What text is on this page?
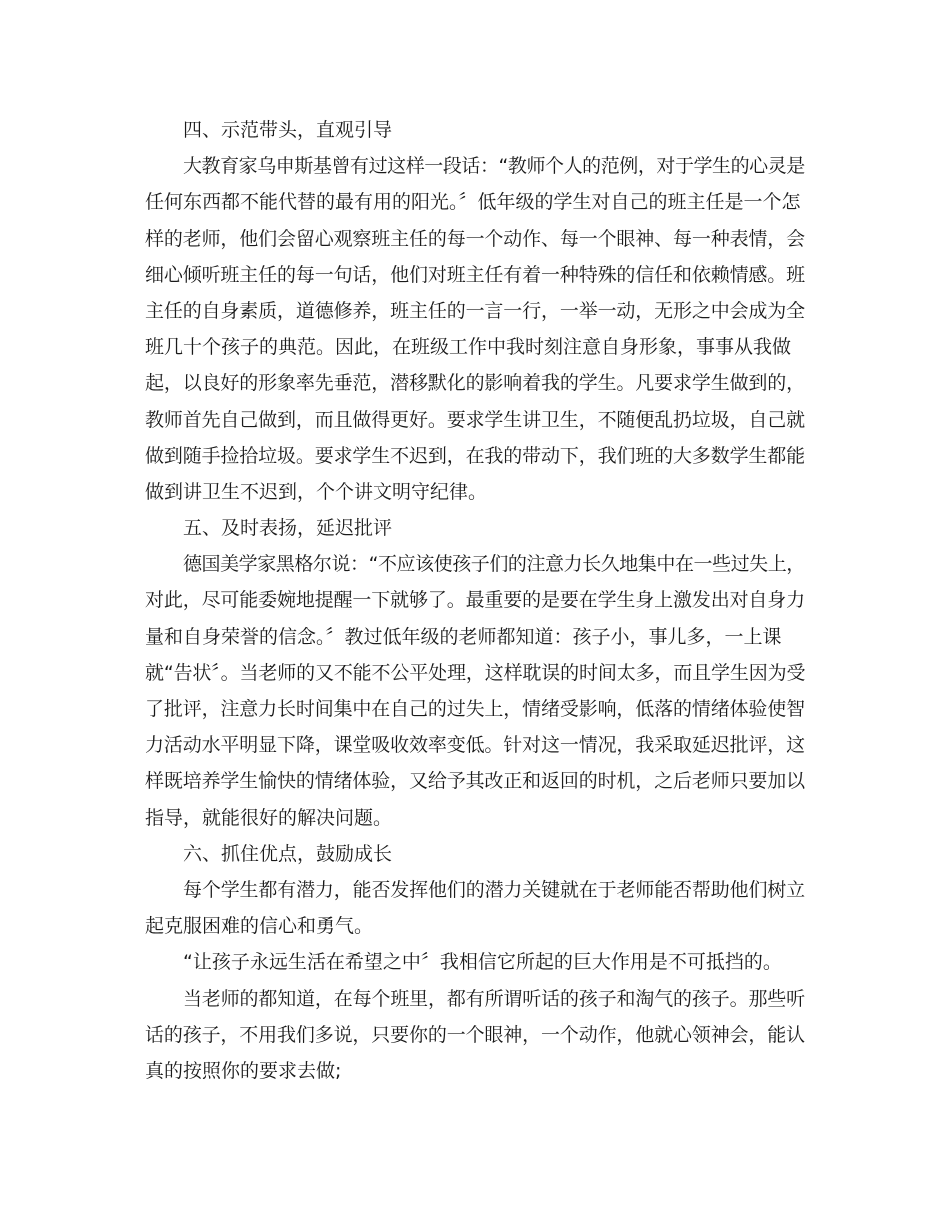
四、示范带头，直观引导
大教育家乌申斯基曾有过这样一段话：“教师个人的范例，对于学生的心灵是
任何东西都不能代替的最有用的阳光。〞低年级的学生对自己的班主任是一个怎
样的老师，他们会留心观察班主任的每一个动作、每一个眼神、每一种表情，会
细心倾听班主任的每一句话，他们对班主任有着一种特殊的信任和依赖情感。班
主任的自身素质，道德修养，班主任的一言一行，一举一动，无形之中会成为全
班几十个孩子的典范。因此，在班级工作中我时刻注意自身形象，事事从我做
起，以良好的形象率先垂范，潜移默化的影响着我的学生。凡要求学生做到的，
教师首先自己做到，而且做得更好。要求学生讲卫生，不随便乱扔垃圾，自己就
做到随手捡拾垃圾。要求学生不迟到，在我的带动下，我们班的大多数学生都能
做到讲卫生不迟到，个个讲文明守纪律。
五、及时表扬，延迟批评
德国美学家黑格尔说：“不应该使孩子们的注意力长久地集中在一些过失上，
对此，尽可能委婉地提醒一下就够了。最重要的是要在学生身上激发出对自身力
量和自身荣誉的信念。〞教过低年级的老师都知道：孩子小，事儿多，一上课
就“告状〞。当老师的又不能不公平处理，这样耽误的时间太多，而且学生因为受
了批评，注意力长时间集中在自己的过失上，情绪受影响，低落的情绪体验使智
力活动水平明显下降，课堂吸收效率变低。针对这一情况，我采取延迟批评，这
样既培养学生愉快的情绪体验，又给予其改正和返回的时机，之后老师只要加以
指导，就能很好的解决问题。
六、抓住优点，鼓励成长
每个学生都有潜力，能否发挥他们的潜力关键就在于老师能否帮助他们树立
起克服困难的信心和勇气。
“让孩子永远生活在希望之中〞我相信它所起的巨大作用是不可抵挡的。
当老师的都知道，在每个班里，都有所谓听话的孩子和淘气的孩子。那些听
话的孩子，不用我们多说，只要你的一个眼神，一个动作，他就心领神会，能认
真的按照你的要求去做;
